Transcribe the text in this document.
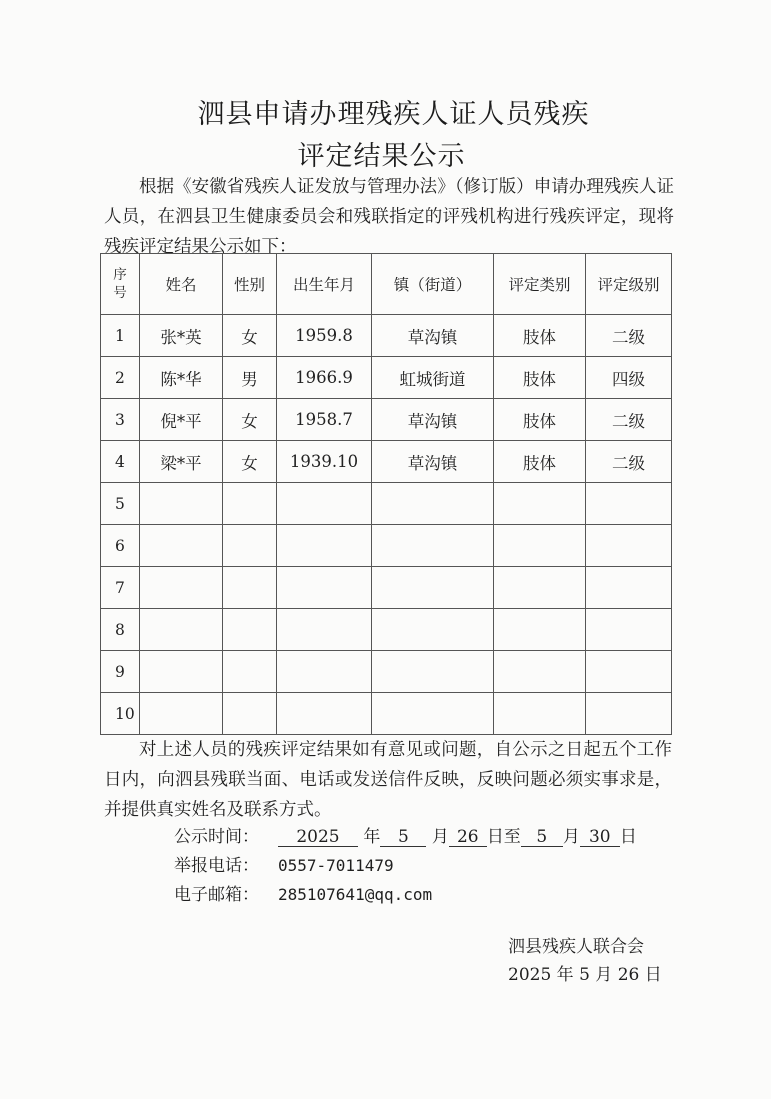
泗县申请办理残疾人证人员残疾
评定结果公示
根据《安徽省残疾人证发放与管理办法》（修订版）申请办理残疾人证人员，在泗县卫生健康委员会和残联指定的评残机构进行残疾评定，现将残疾评定结果公示如下：
序
号	姓名	性别	出生年月	镇（街道）	评定类别	评定级别
1	张*英	女	1959.8	草沟镇	肢体	二级
2	陈*华	男	1966.9	虹城街道	肢体	四级
3	倪*平	女	1958.7	草沟镇	肢体	二级
4	梁*平	女	1939.10	草沟镇	肢体	二级
5						
6						
7						
8						
9						
10						
对上述人员的残疾评定结果如有意见或问题，自公示之日起五个工作日内，向泗县残联当面、电话或发送信件反映，反映问题必须实事求是，并提供真实姓名及联系方式。
公示时间： 2025 年 5 月 26 日至 5 月 30 日
举报电话： 0557-7011479
电子邮箱： 285107641@qq.com
泗县残疾人联合会
2025 年 5 月 26 日
